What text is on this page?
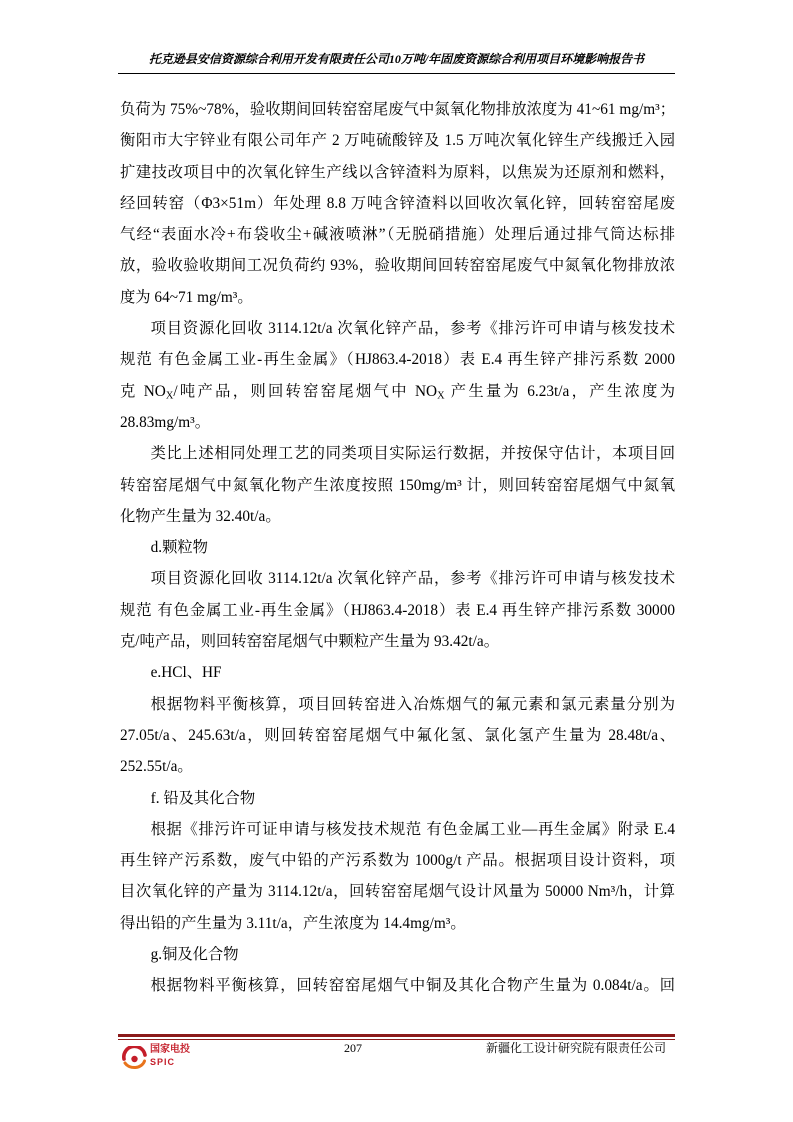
托克逊县安信资源综合利用开发有限责任公司10万吨/年固废资源综合利用项目环境影响报告书
负荷为 75%~78%，验收期间回转窑窑尾废气中氮氧化物排放浓度为 41~61 mg/m³；
衡阳市大宇锌业有限公司年产 2 万吨硫酸锌及 1.5 万吨次氧化锌生产线搬迁入园
扩建技改项目中的次氧化锌生产线以含锌渣料为原料，以焦炭为还原剂和燃料，
经回转窑（Φ3×51m）年处理 8.8 万吨含锌渣料以回收次氧化锌，回转窑窑尾废
气经“表面水冷+布袋收尘+碱液喷淋”（无脱硝措施）处理后通过排气筒达标排
放，验收验收期间工况负荷约 93%，验收期间回转窑窑尾废气中氮氧化物排放浓
度为 64~71 mg/m³。
项目资源化回收 3114.12t/a 次氧化锌产品，参考《排污许可申请与核发技术
规范 有色金属工业-再生金属》（HJ863.4-2018）表 E.4 再生锌产排污系数 2000
克 $NO_X/$吨产品，则回转窑窑尾烟气中 $NO_X$ 产生量为 6.23t/a，产生浓度为
28.83mg/m³。
类比上述相同处理工艺的同类项目实际运行数据，并按保守估计，本项目回
转窑窑尾烟气中氮氧化物产生浓度按照 150mg/m³ 计，则回转窑窑尾烟气中氮氧
化物产生量为 32.40t/a。
d.颗粒物
项目资源化回收 3114.12t/a 次氧化锌产品，参考《排污许可申请与核发技术
规范 有色金属工业-再生金属》（HJ863.4-2018）表 E.4 再生锌产排污系数 30000
克/吨产品，则回转窑窑尾烟气中颗粒产生量为 93.42t/a。
e.HCl、HF
根据物料平衡核算，项目回转窑进入冶炼烟气的氟元素和氯元素量分别为
27.05t/a、245.63t/a，则回转窑窑尾烟气中氟化氢、氯化氢产生量为 28.48t/a、
252.55t/a。
f. 铅及其化合物
根据《排污许可证申请与核发技术规范 有色金属工业—再生金属》附录 E.4
再生锌产污系数，废气中铅的产污系数为 1000g/t 产品。根据项目设计资料，项
目次氧化锌的产量为 3114.12t/a，回转窑窑尾烟气设计风量为 50000 Nm³/h，计算
得出铅的产生量为 3.11t/a，产生浓度为 14.4mg/m³。
g.铜及化合物
根据物料平衡核算，回转窑窑尾烟气中铜及其化合物产生量为 0.084t/a。回
国家电投
SPIC
207	新疆化工设计研究院有限责任公司
